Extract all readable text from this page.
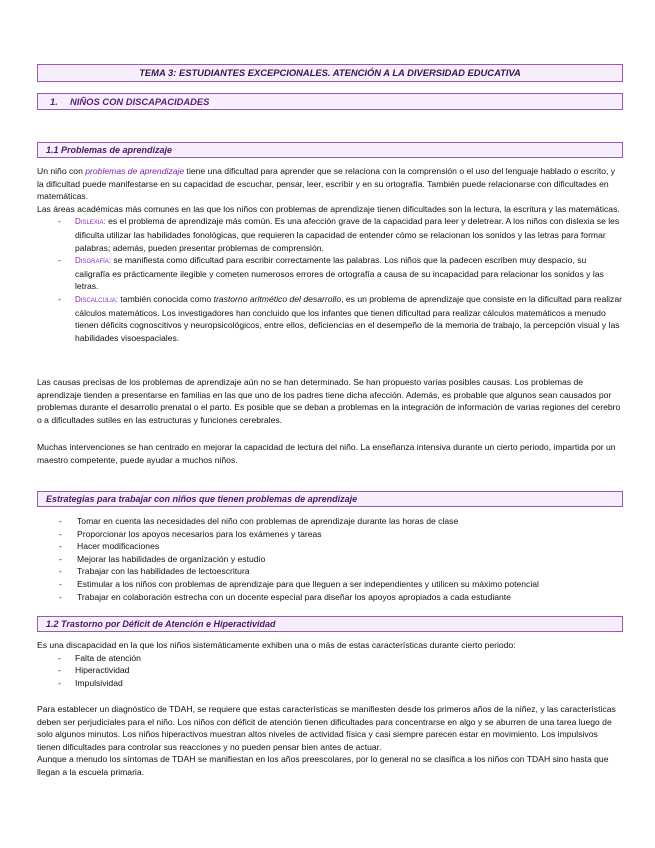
TEMA 3: ESTUDIANTES EXCEPCIONALES. ATENCIÓN A LA DIVERSIDAD EDUCATIVA
1. NIÑOS CON DISCAPACIDADES
1.1 Problemas de aprendizaje

Un niño con problemas de aprendizaje tiene una dificultad para aprender que se relaciona con la comprensión o el uso del lenguaje hablado o escrito, y la dificultad puede manifestarse en su capacidad de escuchar, pensar, leer, escribir y en su ortografía. También puede relacionarse con dificultades en matemáticas.

Las áreas académicas más comunes en las que los niños con problemas de aprendizaje tienen dificultades son la lectura, la escritura y las matemáticas.

- Dislexia: es el problema de aprendizaje más común. Es una afección grave de la capacidad para leer y deletrear. A los niños con dislexia se les dificulta utilizar las habilidades fonológicas, que requieren la capacidad de entender cómo se relacionan los sonidos y las letras para formar palabras; además, pueden presentar problemas de comprensión.
- Disgrafía: se manifiesta como dificultad para escribir correctamente las palabras. Los niños que la padecen escriben muy despacio, su caligrafía es prácticamente ilegible y cometen numerosos errores de ortografía a causa de su incapacidad para relacionar los sonidos y las letras.
- Discalculia: también conocida como trastorno aritmético del desarrollo, es un problema de aprendizaje que consiste en la dificultad para realizar cálculos matemáticos. Los investigadores han concluido que los infantes que tienen dificultad para realizar cálculos matemáticos a menudo tienen déficits cognoscitivos y neuropsicológicos, entre ellos, deficiencias en el desempeño de la memoria de trabajo, la percepción visual y las habilidades visoespaciales.

Las causas precisas de los problemas de aprendizaje aún no se han determinado. Se han propuesto varias posibles causas. Los problemas de aprendizaje tienden a presentarse en familias en las que uno de los padres tiene dicha afección. Además, es probable que algunos sean causados por problemas durante el desarrollo prenatal o el parto. Es posible que se deban a problemas en la integración de información de varias regiones del cerebro o a dificultades sutiles en las estructuras y funciones cerebrales.

Muchas intervenciones se han centrado en mejorar la capacidad de lectura del niño. La enseñanza intensiva durante un cierto periodo, impartida por un maestro competente, puede ayudar a muchos niños.

Estrategias para trabajar con niños que tienen problemas de aprendizaje
- Tomar en cuenta las necesidades del niño con problemas de aprendizaje durante las horas de clase
- Proporcionar los apoyos necesarios para los exámenes y tareas
- Hacer modificaciones
- Mejorar las habilidades de organización y estudio
- Trabajar con las habilidades de lectoescritura
- Estimular a los niños con problemas de aprendizaje para que lleguen a ser independientes y utilicen su máximo potencial
- Trabajar en colaboración estrecha con un docente especial para diseñar los apoyos apropiados a cada estudiante
1.2 Trastorno por Déficit de Atención e Hiperactividad

Es una discapacidad en la que los niños sistemáticamente exhiben una o más de estas características durante cierto periodo:

- Falta de atención
- Hiperactividad
- Impulsividad

Para establecer un diagnóstico de TDAH, se requiere que estas características se manifiesten desde los primeros años de la niñez, y las características deben ser perjudiciales para el niño. Los niños con déficit de atención tienen dificultades para concentrarse en algo y se aburren de una tarea luego de solo algunos minutos. Los niños hiperactivos muestran altos niveles de actividad física y casi siempre parecen estar en movimiento. Los impulsivos tienen dificultades para controlar sus reacciones y no pueden pensar bien antes de actuar.

Aunque a menudo los síntomas de TDAH se manifiestan en los años preescolares, por lo general no se clasifica a los niños con TDAH sino hasta que llegan a la escuela primaria.
